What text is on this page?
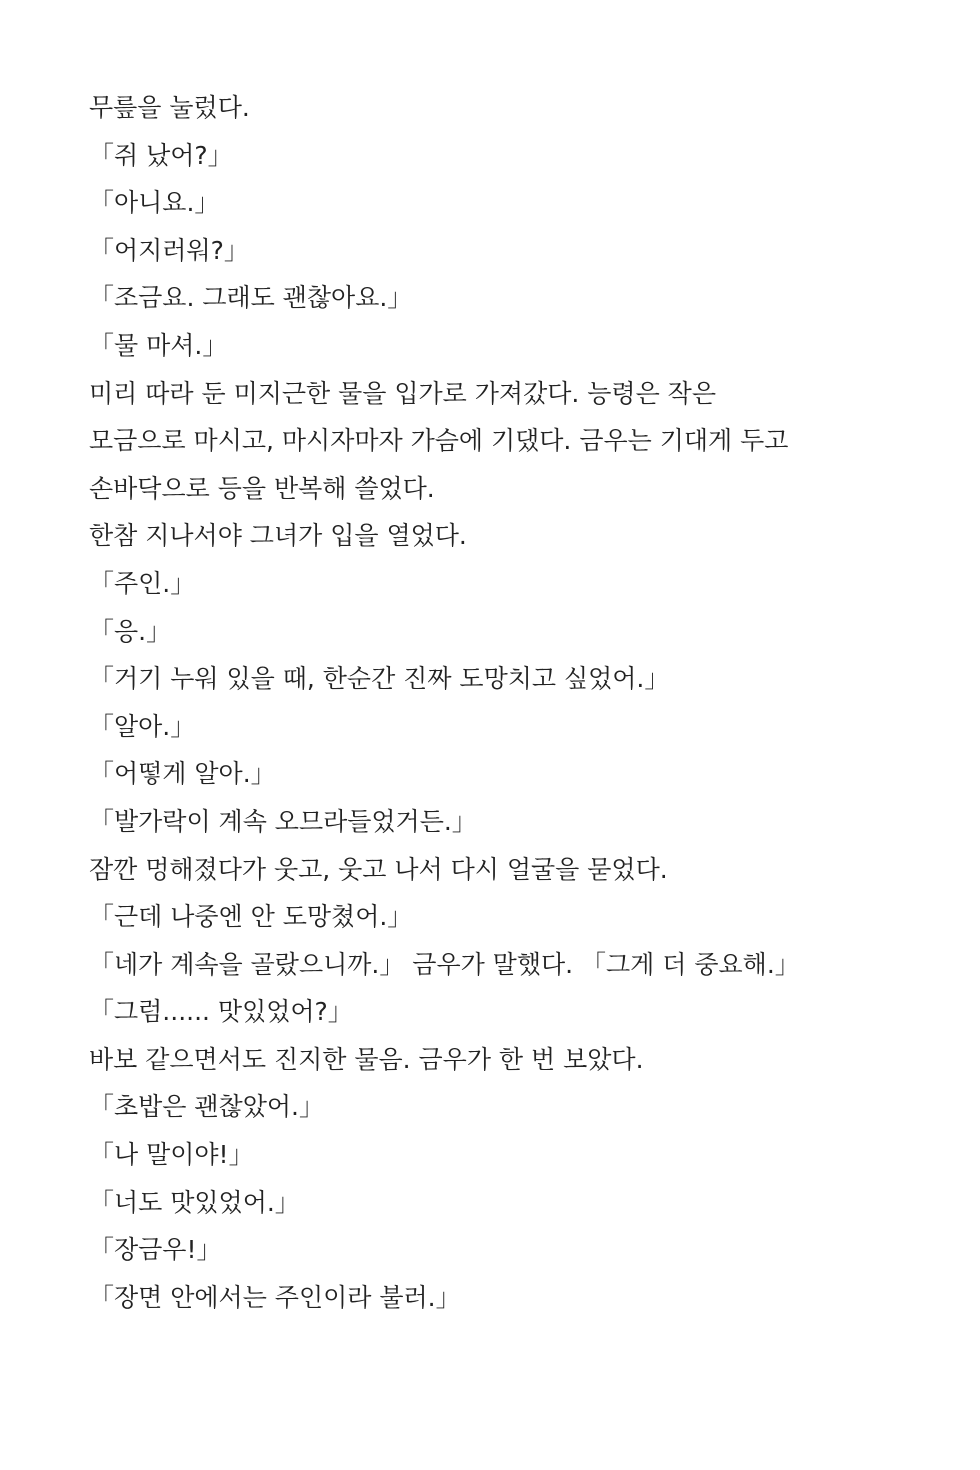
무릎을 눌렀다.
「쥐 났어?」
「아니요.」
「어지러워?」
「조금요. 그래도 괜찮아요.」
「물 마셔.」
미리 따라 둔 미지근한 물을 입가로 가져갔다. 능령은 작은
모금으로 마시고, 마시자마자 가슴에 기댔다. 금우는 기대게 두고
손바닥으로 등을 반복해 쓸었다.
한참 지나서야 그녀가 입을 열었다.
「주인.」
「응.」
「거기 누워 있을 때, 한순간 진짜 도망치고 싶었어.」
「알아.」
「어떻게 알아.」
「발가락이 계속 오므라들었거든.」
잠깐 멍해졌다가 웃고, 웃고 나서 다시 얼굴을 묻었다.
「근데 나중엔 안 도망쳤어.」
「네가 계속을 골랐으니까.」 금우가 말했다. 「그게 더 중요해.」
「그럼...... 맛있었어?」
바보 같으면서도 진지한 물음. 금우가 한 번 보았다.
「초밥은 괜찮았어.」
「나 말이야!」
「너도 맛있었어.」
「장금우!」
「장면 안에서는 주인이라 불러.」
